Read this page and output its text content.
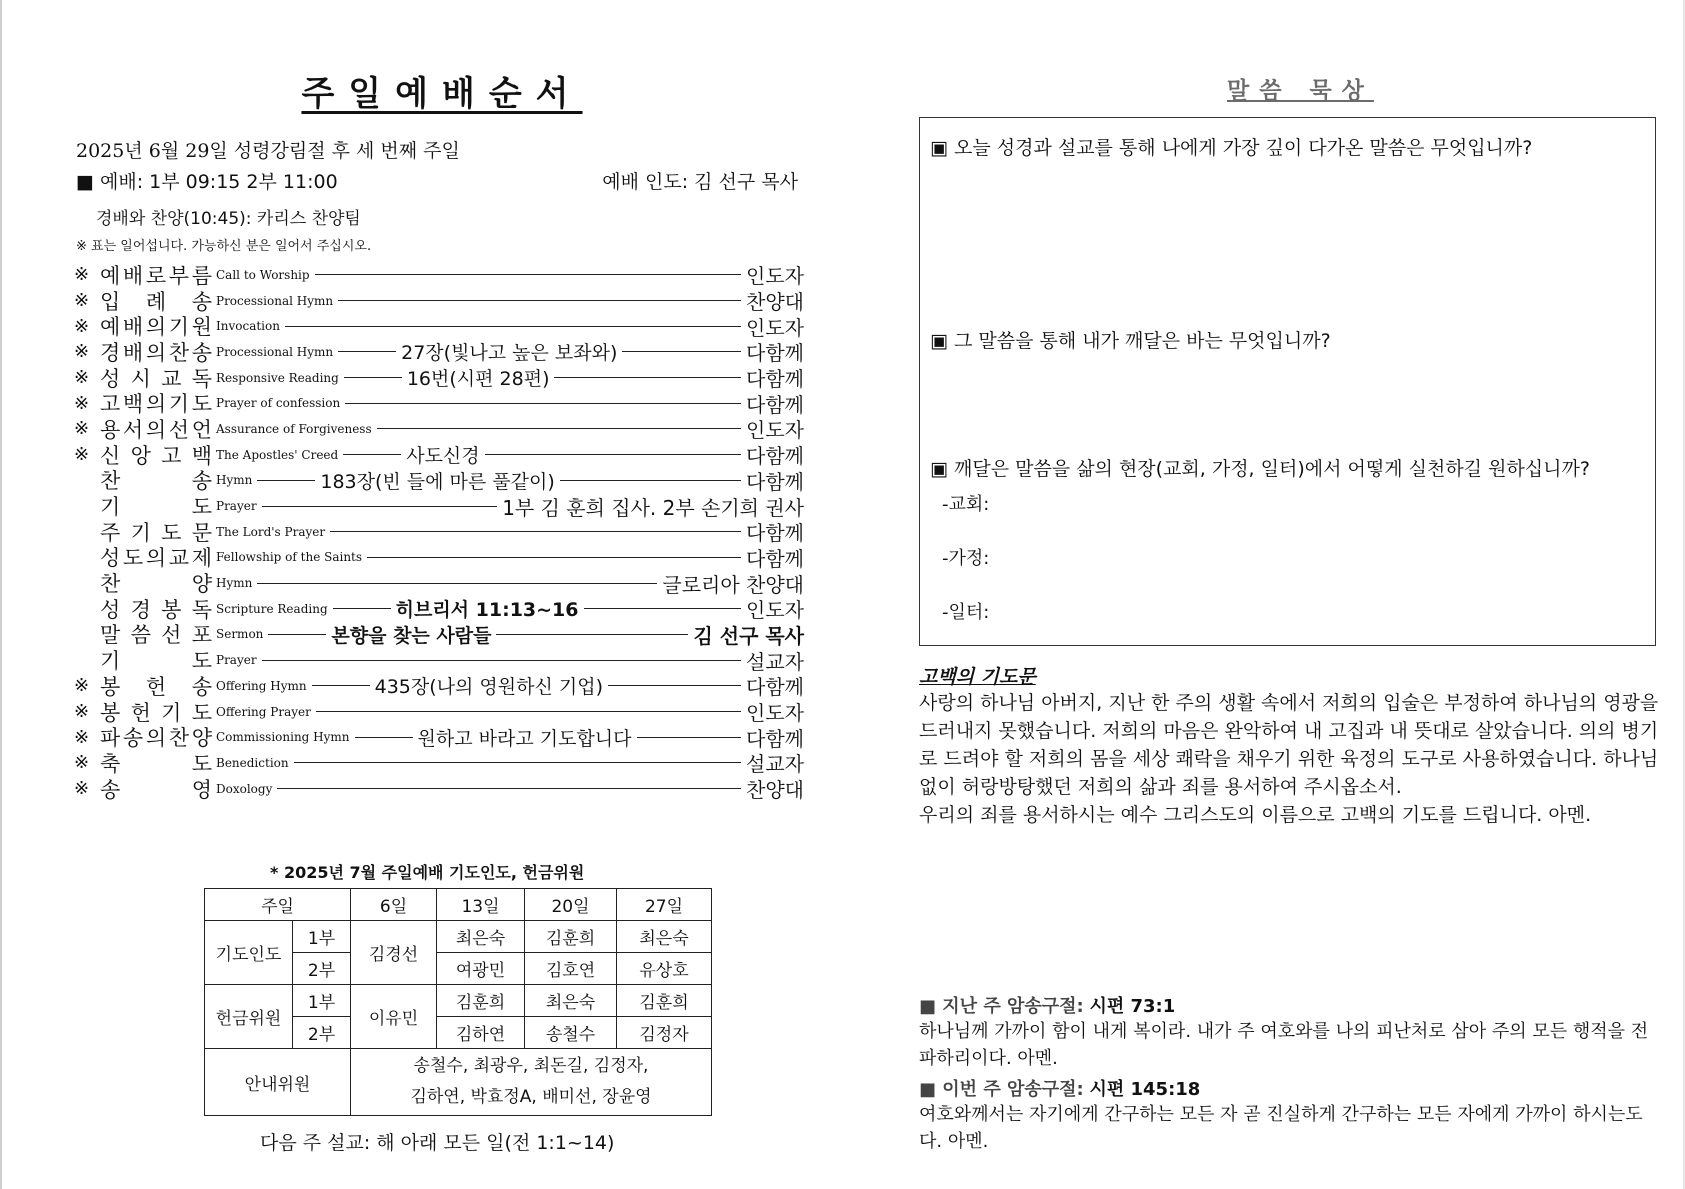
주일예배순서
2025년 6월 29일 성령강림절 후 세 번째 주일
■ 예배: 1부 09:15 2부 11:00	예배 인도: 김 선구 목사
경배와 찬양(10:45): 카리스 찬양팀
※ 표는 일어섭니다. 가능하신 분은 일어서 주십시오.
※ 예 배 로 부 름 Call to Worship	인도자
※ 입 례 송 Processional Hymn	찬양대
※ 예 배 의 기 원 Invocation	인도자
※ 경 배 의 찬 송 Processional Hymn	27장(빛나고 높은 보좌와)	다함께
※ 성 시 교 독 Responsive Reading	16번(시편 28편)	다함께
※ 고 백 의 기 도 Prayer of confession	다함께
※ 용 서 의 선 언 Assurance of Forgiveness	인도자
※ 신 앙 고 백 The Apostles' Creed	사도신경	다함께
찬	송 Hymn	183장(빈 들에 마른 풀같이)	다함께
기	도 Prayer	1부 김 훈희 집사. 2부 손기희 권사
주 기 도 문 The Lord's Prayer	다함께
성 도 의 교 제 Fellowship of the Saints	다함께
찬	양 Hymn	글로리아 찬양대
성 경 봉 독 Scripture Reading	히브리서 11:13~16	인도자
말 씀 선 포 Sermon	본향을 찾는 사람들	김 선구 목사
기	도 Prayer	설교자
※ 봉 헌 송 Offering Hymn	435장(나의 영원하신 기업)	다함께
※ 봉 헌 기 도 Offering Prayer	인도자
※ 파 송 의 찬 양 Commissioning Hymn	원하고 바라고 기도합니다	다함께
※ 축	도 Benediction	설교자
※ 송	영 Doxology	찬양대
* 2025년 7월 주일예배 기도인도, 헌금위원
주일		6일	13일	20일	27일
기도인도	1부	김경선	최은숙	김훈희	최은숙
	2부		여광민	김호연	유상호
헌금위원	1부	이유민	김훈희	최은숙	김훈희
	2부		김하연	송철수	김정자
안내위원		송철수, 최광우, 최돈길, 김정자,
김하연, 박효정A, 배미선, 장윤영			
다음 주 설교: 해 아래 모든 일(전 1:1~14)
말씀 묵상
▣ 오늘 성경과 설교를 통해 나에게 가장 깊이 다가온 말씀은 무엇입니까?
▣ 그 말씀을 통해 내가 깨달은 바는 무엇입니까?
▣ 깨달은 말씀을 삶의 현장(교회, 가정, 일터)에서 어떻게 실천하길 원하십니까?
-교회:
-가정:
-일터:
고백의 기도문
사랑의 하나님 아버지, 지난 한 주의 생활 속에서 저희의 입술은 부정하여 하나님의 영광을 드러내지 못했습니다. 저희의 마음은 완악하여 내 고집과 내 뜻대로 살았습니다. 의의 병기로 드려야 할 저희의 몸을 세상 쾌락을 채우기 위한 육정의 도구로 사용하였습니다. 하나님 없이 허랑방탕했던 저희의 삶과 죄를 용서하여 주시옵소서.
우리의 죄를 용서하시는 예수 그리스도의 이름으로 고백의 기도를 드립니다. 아멘.
■ 지난 주 암송구절: 시편 73:1
하나님께 가까이 함이 내게 복이라. 내가 주 여호와를 나의 피난처로 삼아 주의 모든 행적을 전파하리이다. 아멘.
■ 이번 주 암송구절: 시편 145:18
여호와께서는 자기에게 간구하는 모든 자 곧 진실하게 간구하는 모든 자에게 가까이 하시는도다. 아멘.
